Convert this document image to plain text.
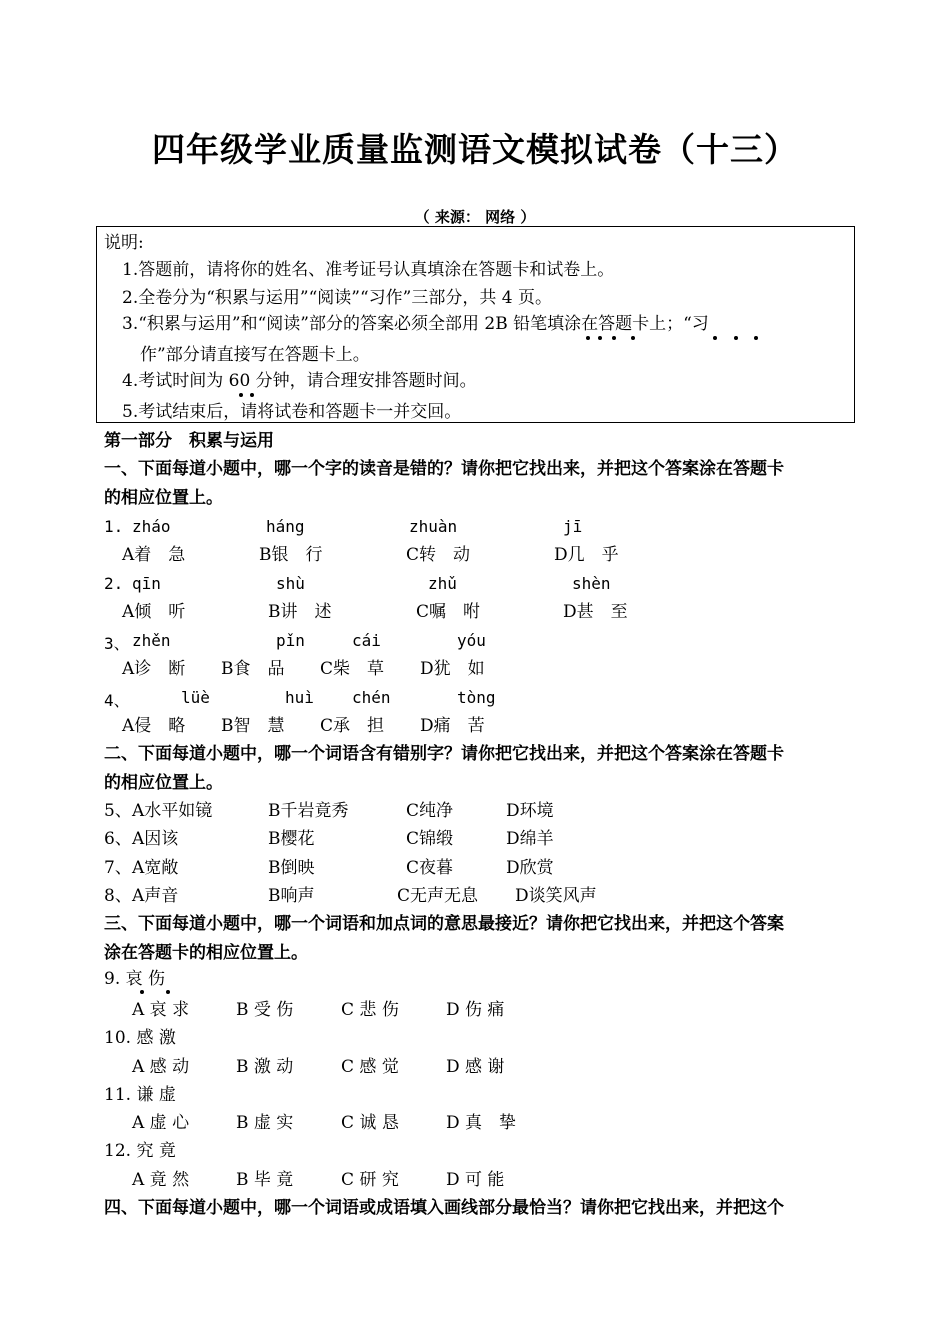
四年级学业质量监测语文模拟试卷（十三）
（ 来源： 网络 ）
说明:
1.答题前，请将你的姓名、准考证号认真填涂在答题卡和试卷上。
2.全卷分为“积累与运用”“阅读”“习作”三部分，共 4 页。
3.“积累与运用”和“阅读”部分的答案必须全部用 2B 铅笔填涂在答题卡上；“习
作”部分请直接写在答题卡上。
4.考试时间为 60 分钟，请合理安排答题时间。
5.考试结束后，请将试卷和答题卡一并交回。
第一部分　积累与运用
一、下面每道小题中，哪一个字的读音是错的？请你把它找出来，并把这个答案涂在答题卡
的相应位置上。
1. zháo	háng	zhuàn	jī
A着　急	B银　行	C转　动	D几　乎
2. qīn	shù	zhǔ	shèn
A倾　听	B讲　述	C嘱　咐	D甚　至
3、 zhěn	pǐn	cái	yóu
A诊　断 B食　品 C柴　草 D犹　如
4、	lüè	huì chén	tòng
A侵　略 B智　慧 C承　担 D痛　苦
二、下面每道小题中，哪一个词语含有错别字？请你把它找出来，并把这个答案涂在答题卡
的相应位置上。
5、 A水平如镜	B千岩竟秀	C纯净	D环境
6、 A因该	B樱花	C锦缎	D绵羊
7、 A宽敞	B倒映	C夜暮	D欣赏
8、 A声音	B响声	C无声无息 D谈笑风声
三、下面每道小题中，哪一个词语和加点词的意思最接近？请你把它找出来，并把这个答案
涂在答题卡的相应位置上。
9. 哀 伤
A 哀 求	B 受 伤	C 悲 伤	D 伤 痛
10. 感 激
A 感 动	B 激 动	C 感 觉	D 感 谢
11. 谦 虚
A 虚 心	B 虚 实	C 诚 恳	D 真　挚
12. 究 竟
A 竟 然	B 毕 竟	C 研 究	D 可 能
四、下面每道小题中，哪一个词语或成语填入画线部分最恰当？请你把它找出来，并把这个
